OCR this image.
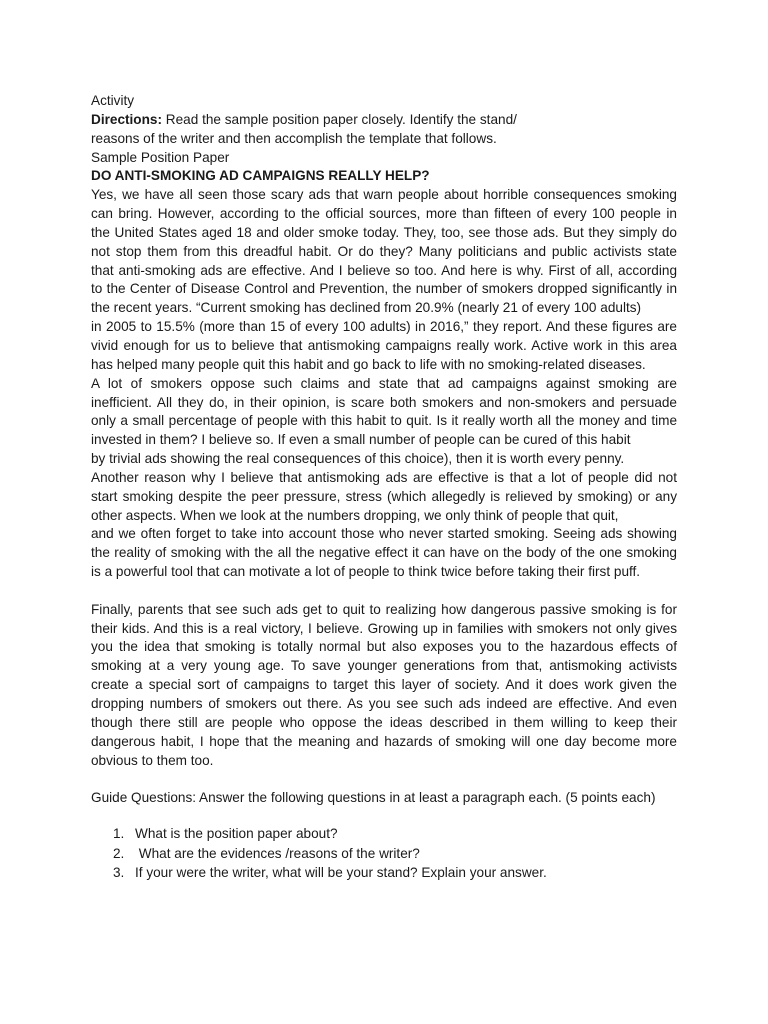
Activity
Directions: Read the sample position paper closely. Identify the stand/
reasons of the writer and then accomplish the template that follows.
Sample Position Paper
DO ANTI-SMOKING AD CAMPAIGNS REALLY HELP?
Yes, we have all seen those scary ads that warn people about horrible consequences smoking
can bring. However, according to the official sources, more than fifteen of every 100 people in
the United States aged 18 and older smoke today. They, too, see those ads. But they simply do
not stop them from this dreadful habit. Or do they? Many politicians and public activists state
that anti-smoking ads are effective. And I believe so too. And here is why. First of all, according
to the Center of Disease Control and Prevention, the number of smokers dropped significantly in
the recent years. “Current smoking has declined from 20.9% (nearly 21 of every 100 adults)
in 2005 to 15.5% (more than 15 of every 100 adults) in 2016,” they report. And these figures are
vivid enough for us to believe that antismoking campaigns really work. Active work in this area
has helped many people quit this habit and go back to life with no smoking-related diseases.
A lot of smokers oppose such claims and state that ad campaigns against smoking are
inefficient. All they do, in their opinion, is scare both smokers and non-smokers and persuade
only a small percentage of people with this habit to quit. Is it really worth all the money and time
invested in them? I believe so. If even a small number of people can be cured of this habit
by trivial ads showing the real consequences of this choice), then it is worth every penny.
Another reason why I believe that antismoking ads are effective is that a lot of people did not
start smoking despite the peer pressure, stress (which allegedly is relieved by smoking) or any
other aspects. When we look at the numbers dropping, we only think of people that quit,
and we often forget to take into account those who never started smoking. Seeing ads showing
the reality of smoking with the all the negative effect it can have on the body of the one smoking
is a powerful tool that can motivate a lot of people to think twice before taking their first puff.
Finally, parents that see such ads get to quit to realizing how dangerous passive smoking is for
their kids. And this is a real victory, I believe. Growing up in families with smokers not only gives
you the idea that smoking is totally normal but also exposes you to the hazardous effects of
smoking at a very young age. To save younger generations from that, antismoking activists
create a special sort of campaigns to target this layer of society. And it does work given the
dropping numbers of smokers out there. As you see such ads indeed are effective. And even
though there still are people who oppose the ideas described in them willing to keep their
dangerous habit, I hope that the meaning and hazards of smoking will one day become more
obvious to them too.
Guide Questions: Answer the following questions in at least a paragraph each. (5 points each)
1. What is the position paper about?
2. What are the evidences /reasons of the writer?
3. If your were the writer, what will be your stand? Explain your answer.
